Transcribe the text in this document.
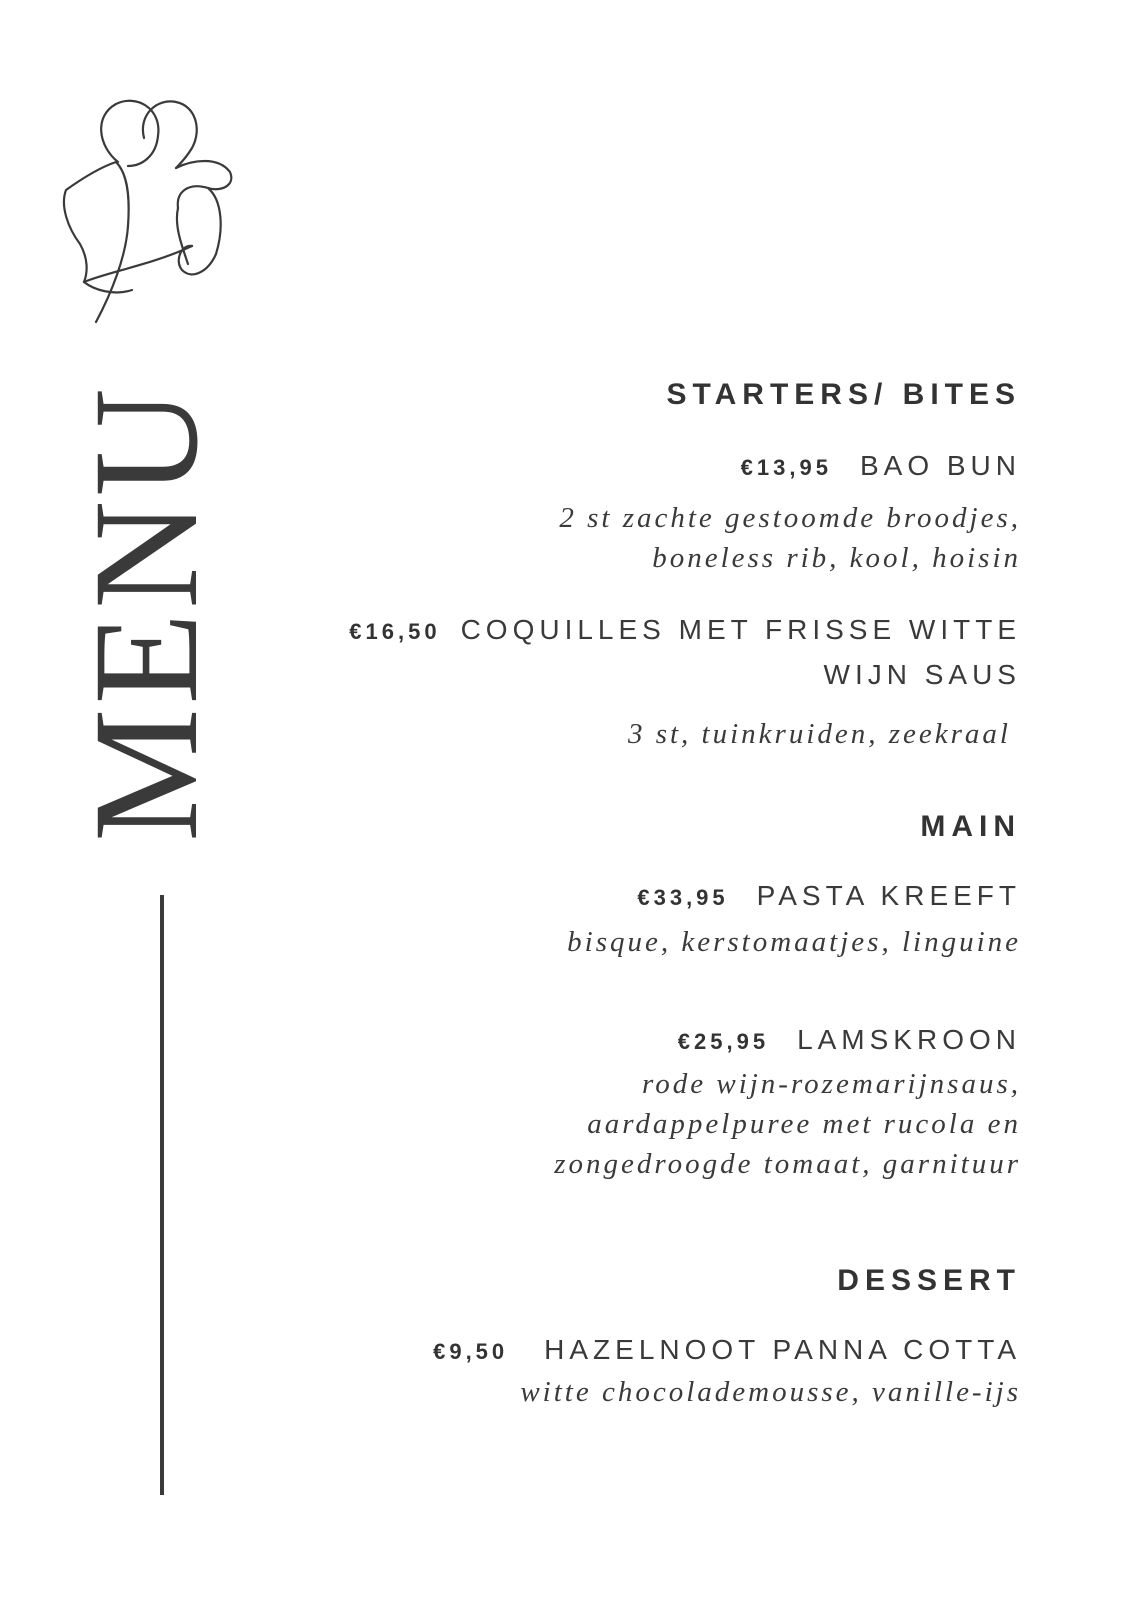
MENU	STARTERS/ BITES
€13,95 BAO BUN

2 st zachte gestoomde broodjes,
boneless rib, kool, hoisin

€16,50 COQUILLES MET FRISSE WITTE
WIJN SAUS

3 st, tuinkruiden, zeekraal

MAIN
€33,95 PASTA KREEFT

bisque, kerstomaatjes, linguine

€25,95 LAMSKROON

rode wijn-rozemarijnsaus,
aardappelpuree met rucola en
zongedroogde tomaat, garnituur

DESSERT
€9,50 HAZELNOOT PANNA COTTA

witte chocolademousse, vanille-ijs
